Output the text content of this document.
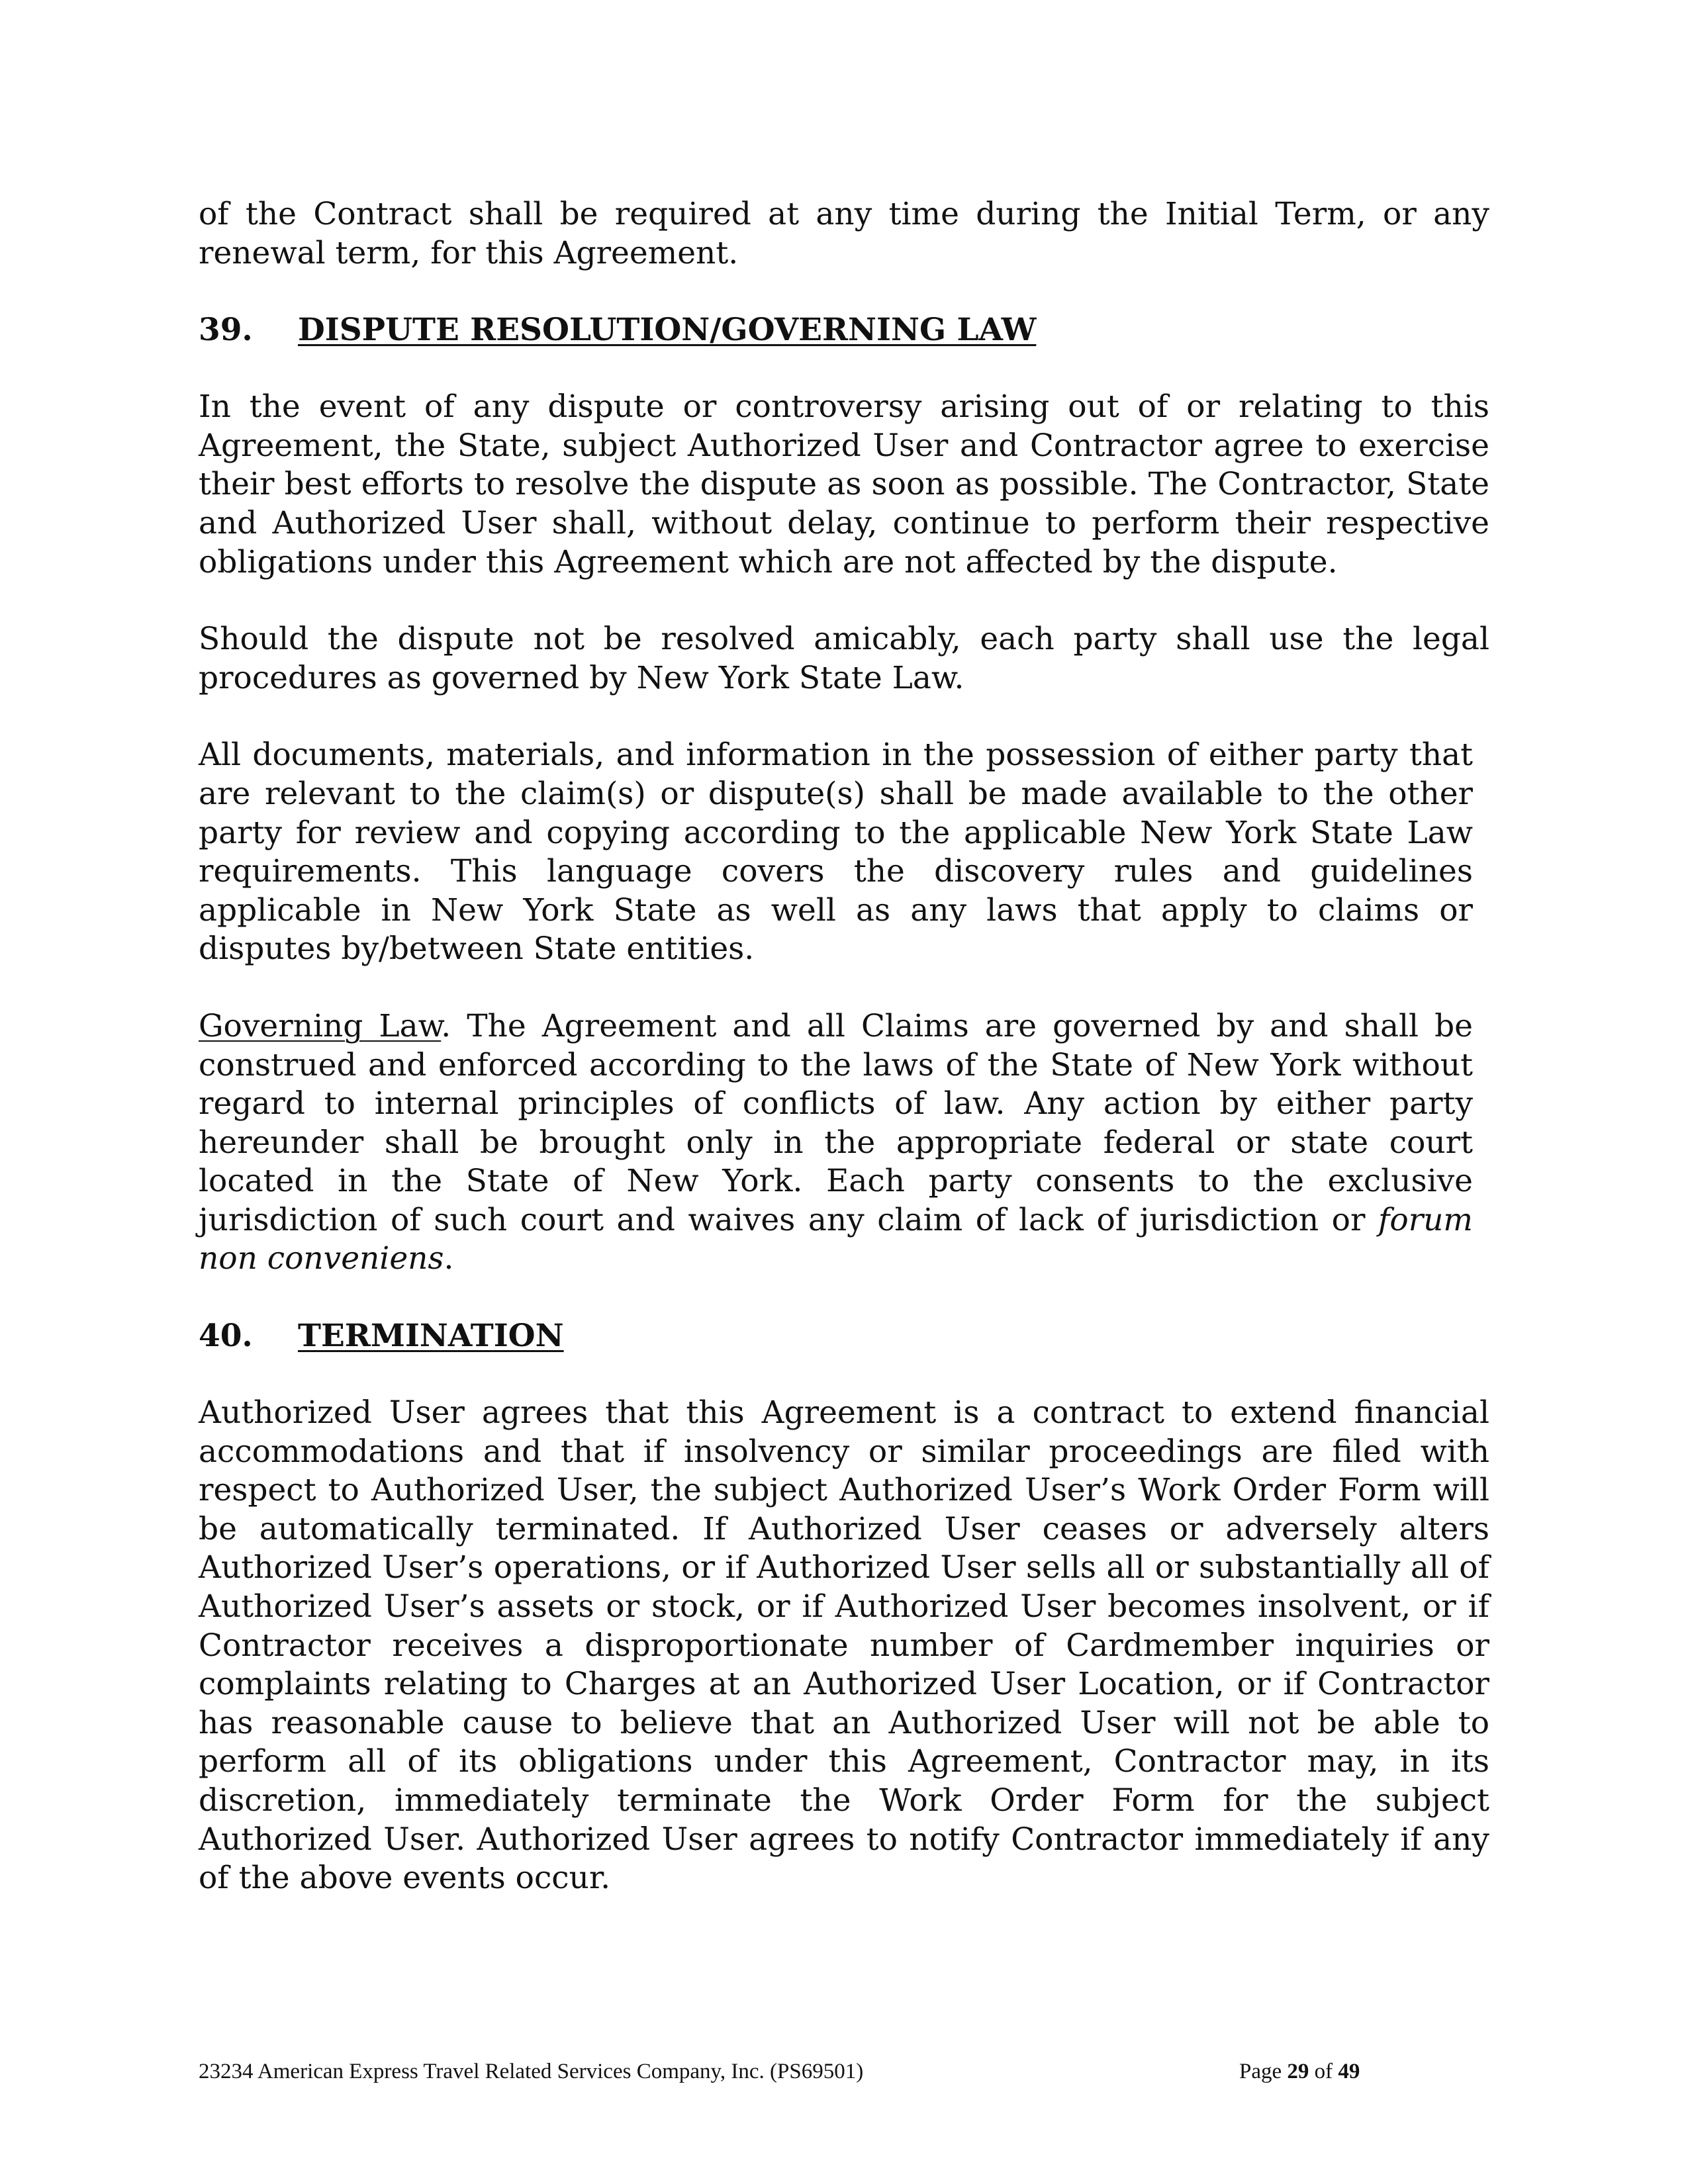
of the Contract shall be required at any time during the Initial Term, or any renewal term, for this Agreement.

39.	DISPUTE RESOLUTION/GOVERNING LAW

In the event of any dispute or controversy arising out of or relating to this Agreement, the State, subject Authorized User and Contractor agree to exercise their best efforts to resolve the dispute as soon as possible. The Contractor, State and Authorized User shall, without delay, continue to perform their respective obligations under this Agreement which are not affected by the dispute.

Should the dispute not be resolved amicably, each party shall use the legal procedures as governed by New York State Law.

All documents, materials, and information in the possession of either party that are relevant to the claim(s) or dispute(s) shall be made available to the other party for review and copying according to the applicable New York State Law requirements. This language covers the discovery rules and guidelines applicable in New York State as well as any laws that apply to claims or disputes by/between State entities.

Governing Law. The Agreement and all Claims are governed by and shall be construed and enforced according to the laws of the State of New York without regard to internal principles of conflicts of law. Any action by either party hereunder shall be brought only in the appropriate federal or state court located in the State of New York. Each party consents to the exclusive jurisdiction of such court and waives any claim of lack of jurisdiction or forum non conveniens.

40.	TERMINATION

Authorized User agrees that this Agreement is a contract to extend financial accommodations and that if insolvency or similar proceedings are filed with respect to Authorized User, the subject Authorized User’s Work Order Form will be automatically terminated. If Authorized User ceases or adversely alters Authorized User’s operations, or if Authorized User sells all or substantially all of Authorized User’s assets or stock, or if Authorized User becomes insolvent, or if Contractor receives a disproportionate number of Cardmember inquiries or complaints relating to Charges at an Authorized User Location, or if Contractor has reasonable cause to believe that an Authorized User will not be able to perform all of its obligations under this Agreement, Contractor may, in its discretion, immediately terminate the Work Order Form for the subject Authorized User. Authorized User agrees to notify Contractor immediately if any of the above events occur.

23234 American Express Travel Related Services Company, Inc. (PS69501)	Page 29 of 49
